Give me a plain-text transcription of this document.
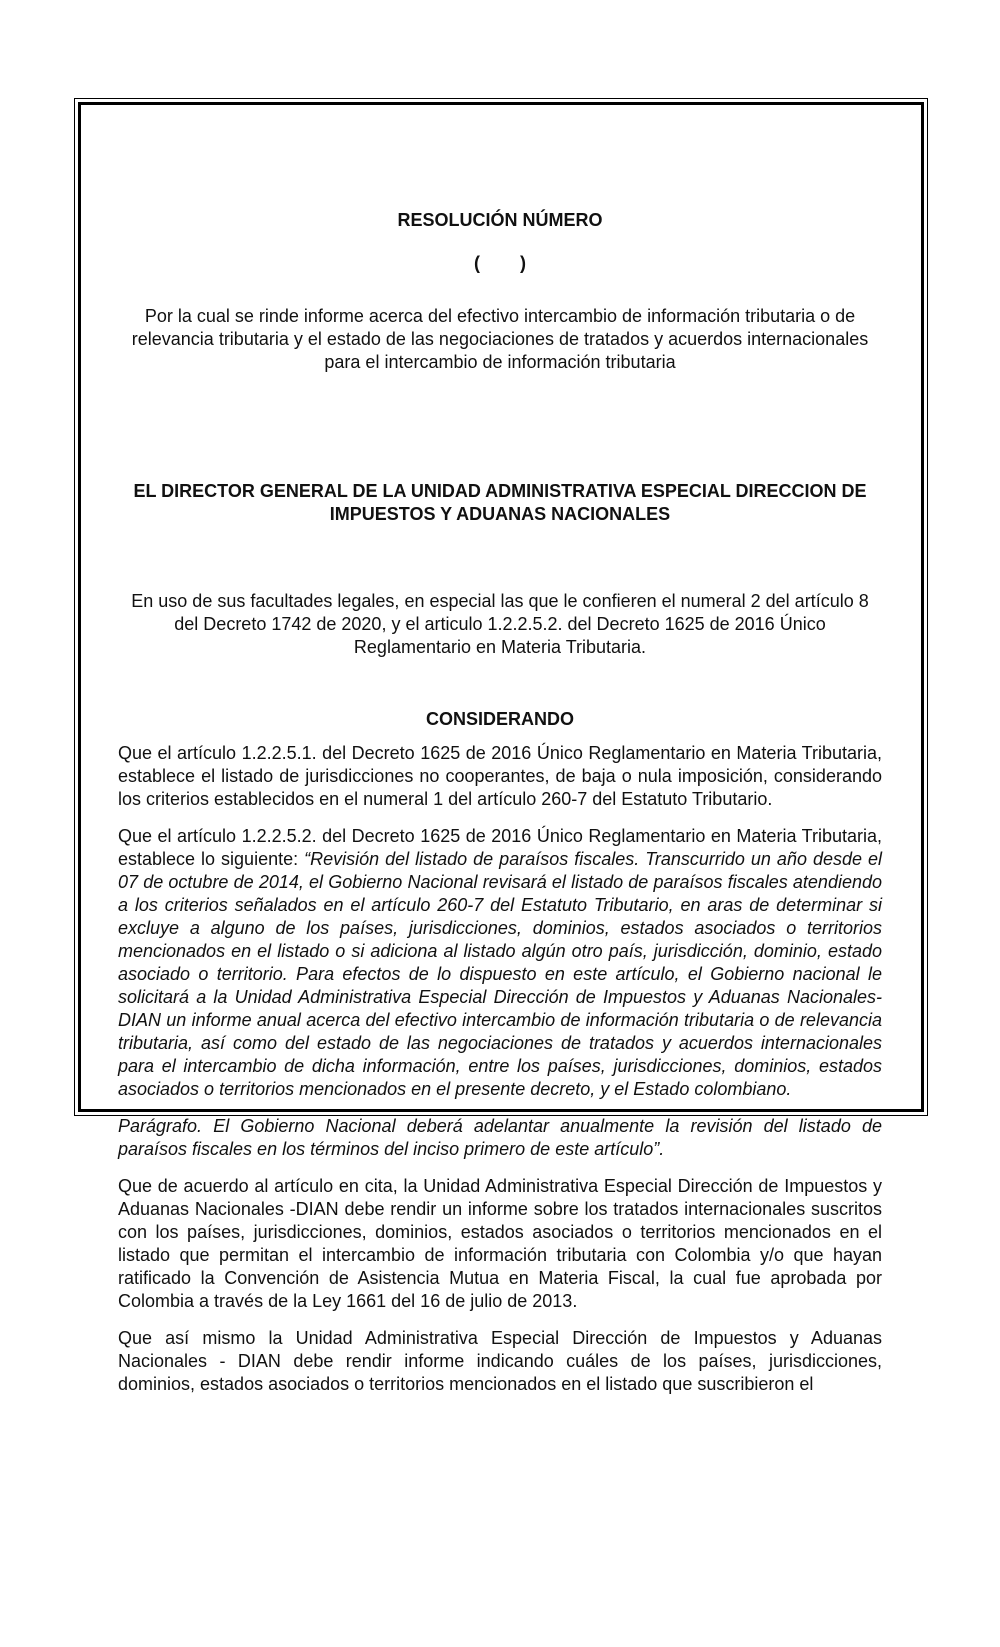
RESOLUCIÓN NÚMERO

(        )
Por la cual se rinde informe acerca del efectivo intercambio de información tributaria o de relevancia tributaria y el estado de las negociaciones de tratados y acuerdos internacionales para el intercambio de información tributaria
EL DIRECTOR GENERAL DE LA UNIDAD ADMINISTRATIVA ESPECIAL DIRECCION DE IMPUESTOS Y ADUANAS NACIONALES
En uso de sus facultades legales, en especial las que le confieren el numeral 2 del artículo 8 del Decreto 1742 de 2020, y el articulo 1.2.2.5.2. del Decreto 1625 de 2016 Único Reglamentario en Materia Tributaria.
CONSIDERANDO
Que el artículo 1.2.2.5.1. del Decreto 1625 de 2016 Único Reglamentario en Materia Tributaria, establece el listado de jurisdicciones no cooperantes, de baja o nula imposición, considerando los criterios establecidos en el numeral 1 del artículo 260-7 del Estatuto Tributario.
Que el artículo 1.2.2.5.2. del Decreto 1625 de 2016 Único Reglamentario en Materia Tributaria, establece lo siguiente: “Revisión del listado de paraísos fiscales. Transcurrido un año desde el 07 de octubre de 2014, el Gobierno Nacional revisará el listado de paraísos fiscales atendiendo a los criterios señalados en el artículo 260-7 del Estatuto Tributario, en aras de determinar si excluye a alguno de los países, jurisdicciones, dominios, estados asociados o territorios mencionados en el listado o si adiciona al listado algún otro país, jurisdicción, dominio, estado asociado o territorio. Para efectos de lo dispuesto en este artículo, el Gobierno nacional le solicitará a la Unidad Administrativa Especial Dirección de Impuestos y Aduanas Nacionales-DIAN un informe anual acerca del efectivo intercambio de información tributaria o de relevancia tributaria, así como del estado de las negociaciones de tratados y acuerdos internacionales para el intercambio de dicha información, entre los países, jurisdicciones, dominios, estados asociados o territorios mencionados en el presente decreto, y el Estado colombiano.
Parágrafo. El Gobierno Nacional deberá adelantar anualmente la revisión del listado de paraísos fiscales en los términos del inciso primero de este artículo”.
Que de acuerdo al artículo en cita, la Unidad Administrativa Especial Dirección de Impuestos y Aduanas Nacionales -DIAN debe rendir un informe sobre los tratados internacionales suscritos con los países, jurisdicciones, dominios, estados asociados o territorios mencionados en el listado que permitan el intercambio de información tributaria con Colombia y/o que hayan ratificado la Convención de Asistencia Mutua en Materia Fiscal, la cual fue aprobada por Colombia a través de la Ley 1661 del 16 de julio de 2013.
Que así mismo la Unidad Administrativa Especial Dirección de Impuestos y Aduanas Nacionales - DIAN debe rendir informe indicando cuáles de los países, jurisdicciones, dominios, estados asociados o territorios mencionados en el listado que suscribieron el
